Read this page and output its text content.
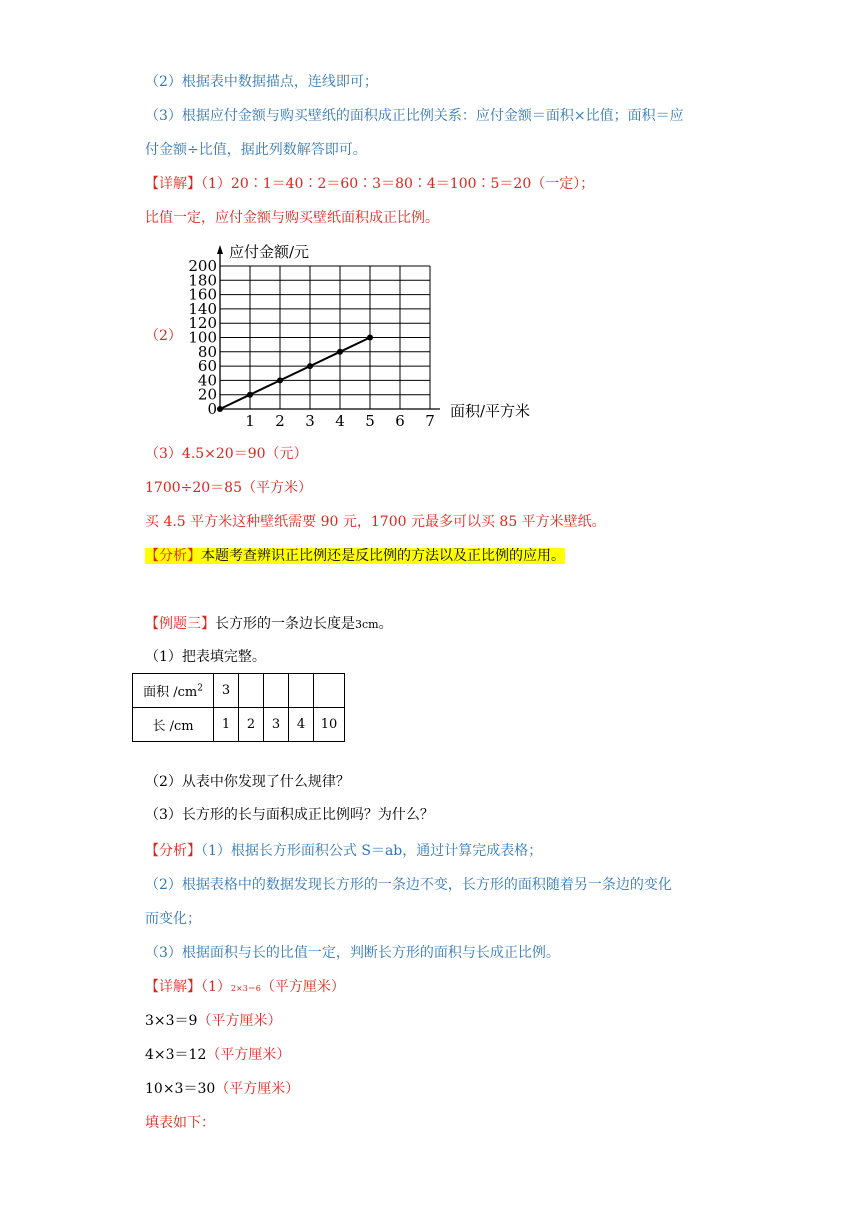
（2）根据表中数据描点，连线即可；
（3）根据应付金额与购买壁纸的面积成正比例关系：应付金额＝面积×比值；面积＝应
付金额÷比值，据此列数解答即可。
【详解】（1）20∶1＝40∶2＝60∶3＝80∶4＝100∶5＝20（一定）；
比值一定，应付金额与购买壁纸面积成正比例。
（2）
0
20
40
60
80
100
120
140
160
180
200
1 2 3 4 5 6 7
应付金额/元
面积/平方米
（3）4.5×20＝90（元）
1700÷20＝85（平方米）
买 4.5 平方米这种壁纸需要 90 元，1700 元最多可以买 85 平方米壁纸。
【分析】本题考查辨识正比例还是反比例的方法以及正比例的应用。
【例题三】长方形的一条边长度是3cm。
（1）把表填完整。
面积 $/cm^2$	3				
长 /cm	1	2	3	4	10
（2）从表中你发现了什么规律？
（3）长方形的长与面积成正比例吗？为什么？
【分析】（1）根据长方形面积公式 S＝ab，通过计算完成表格；
（2）根据表格中的数据发现长方形的一条边不变，长方形的面积随着另一条边的变化
而变化；
（3）根据面积与长的比值一定，判断长方形的面积与长成正比例。
【详解】（1）2×3＝6（平方厘米）
3×3＝9（平方厘米）
4×3＝12（平方厘米）
10×3＝30（平方厘米）
填表如下：
